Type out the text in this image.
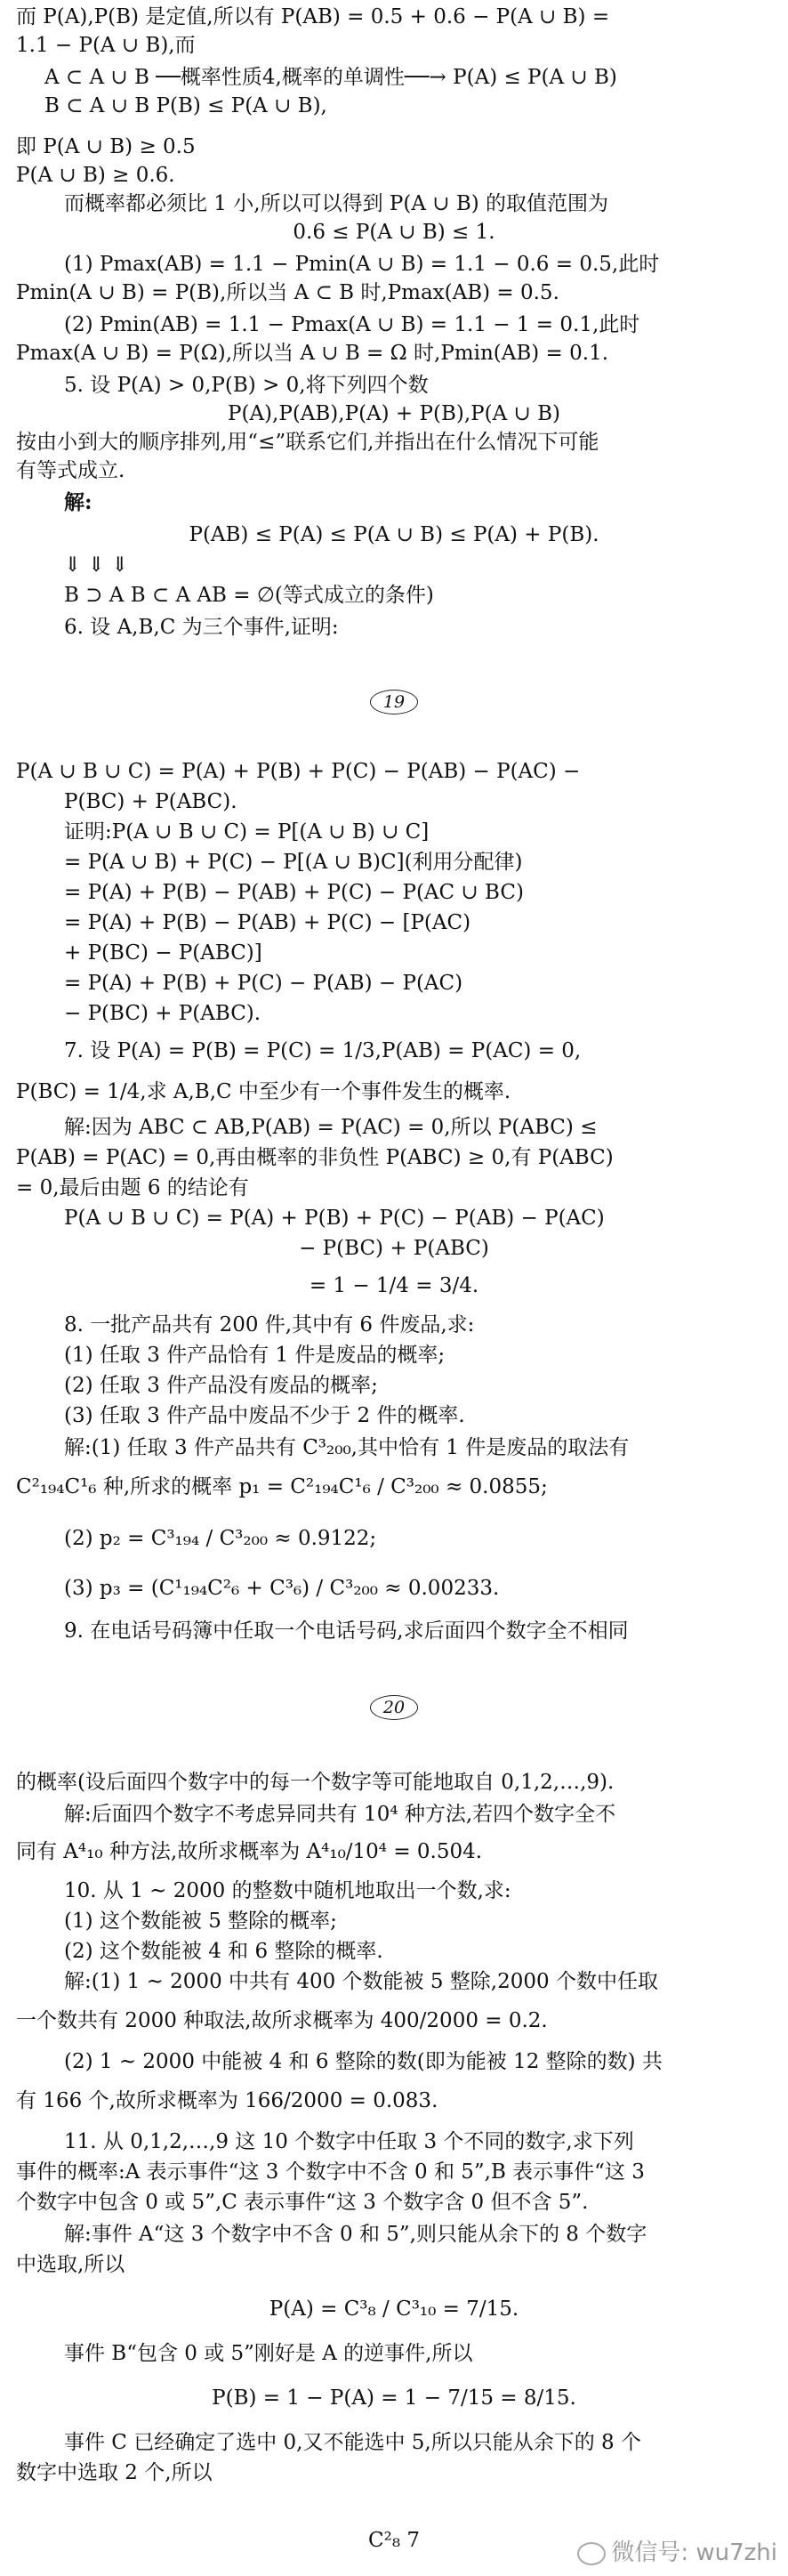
而 P(A),P(B) 是定值,所以有 P(AB) = 0.5 + 0.6 − P(A ∪ B) =
1.1 − P(A ∪ B),而
A ⊂ A ∪ B ──概率性质4,概率的单调性──→ P(A) ≤ P(A ∪ B)
B ⊂ A ∪ B P(B) ≤ P(A ∪ B),
即 P(A ∪ B) ≥ 0.5
P(A ∪ B) ≥ 0.6.
而概率都必须比 1 小,所以可以得到 P(A ∪ B) 的取值范围为
0.6 ≤ P(A ∪ B) ≤ 1.
(1) Pmax(AB) = 1.1 − Pmin(A ∪ B) = 1.1 − 0.6 = 0.5,此时
Pmin(A ∪ B) = P(B),所以当 A ⊂ B 时,Pmax(AB) = 0.5.
(2) Pmin(AB) = 1.1 − Pmax(A ∪ B) = 1.1 − 1 = 0.1,此时
Pmax(A ∪ B) = P(Ω),所以当 A ∪ B = Ω 时,Pmin(AB) = 0.1.
5. 设 P(A) > 0,P(B) > 0,将下列四个数
P(A),P(AB),P(A) + P(B),P(A ∪ B)
按由小到大的顺序排列,用“≤”联系它们,并指出在什么情况下可能
有等式成立.
解:
P(AB) ≤ P(A) ≤ P(A ∪ B) ≤ P(A) + P(B).
⇓ ⇓ ⇓
B ⊃ A B ⊂ A AB = ∅(等式成立的条件)
6. 设 A,B,C 为三个事件,证明:
P(A ∪ B ∪ C) = P(A) + P(B) + P(C) − P(AB) − P(AC) −
P(BC) + P(ABC).
证明:P(A ∪ B ∪ C) = P[(A ∪ B) ∪ C]
= P(A ∪ B) + P(C) − P[(A ∪ B)C](利用分配律)
= P(A) + P(B) − P(AB) + P(C) − P(AC ∪ BC)
= P(A) + P(B) − P(AB) + P(C) − [P(AC)
+ P(BC) − P(ABC)]
= P(A) + P(B) + P(C) − P(AB) − P(AC)
− P(BC) + P(ABC).
7. 设 P(A) = P(B) = P(C) = 1/3,P(AB) = P(AC) = 0,
P(BC) = 1/4,求 A,B,C 中至少有一个事件发生的概率.
解:因为 ABC ⊂ AB,P(AB) = P(AC) = 0,所以 P(ABC) ≤
P(AB) = P(AC) = 0,再由概率的非负性 P(ABC) ≥ 0,有 P(ABC)
= 0,最后由题 6 的结论有
P(A ∪ B ∪ C) = P(A) + P(B) + P(C) − P(AB) − P(AC)
− P(BC) + P(ABC)
= 1 − 1/4 = 3/4.
8. 一批产品共有 200 件,其中有 6 件废品,求:
(1) 任取 3 件产品恰有 1 件是废品的概率;
(2) 任取 3 件产品没有废品的概率;
(3) 任取 3 件产品中废品不少于 2 件的概率.
解:(1) 任取 3 件产品共有 C³₂₀₀,其中恰有 1 件是废品的取法有
C²₁₉₄C¹₆ 种,所求的概率 p₁ = C²₁₉₄C¹₆ / C³₂₀₀ ≈ 0.0855;
(2) p₂ = C³₁₉₄ / C³₂₀₀ ≈ 0.9122;
(3) p₃ = (C¹₁₉₄C²₆ + C³₆) / C³₂₀₀ ≈ 0.00233.
9. 在电话号码簿中任取一个电话号码,求后面四个数字全不相同
的概率(设后面四个数字中的每一个数字等可能地取自 0,1,2,…,9).
解:后面四个数字不考虑异同共有 10⁴ 种方法,若四个数字全不
同有 A⁴₁₀ 种方法,故所求概率为 A⁴₁₀/10⁴ = 0.504.
10. 从 1 ~ 2000 的整数中随机地取出一个数,求:
(1) 这个数能被 5 整除的概率;
(2) 这个数能被 4 和 6 整除的概率.
解:(1) 1 ~ 2000 中共有 400 个数能被 5 整除,2000 个数中任取
一个数共有 2000 种取法,故所求概率为 400/2000 = 0.2.
(2) 1 ~ 2000 中能被 4 和 6 整除的数(即为能被 12 整除的数) 共
有 166 个,故所求概率为 166/2000 = 0.083.
11. 从 0,1,2,…,9 这 10 个数字中任取 3 个不同的数字,求下列
事件的概率:A 表示事件“这 3 个数字中不含 0 和 5”,B 表示事件“这 3
个数字中包含 0 或 5”,C 表示事件“这 3 个数字含 0 但不含 5”.
解:事件 A“这 3 个数字中不含 0 和 5”,则只能从余下的 8 个数字
中选取,所以
P(A) = C³₈ / C³₁₀ = 7/15.
事件 B“包含 0 或 5”刚好是 A 的逆事件,所以
P(B) = 1 − P(A) = 1 − 7/15 = 8/15.
事件 C 已经确定了选中 0,又不能选中 5,所以只能从余下的 8 个
数字中选取 2 个,所以
C²₈ 7
19
20
微信号: wu7zhi
